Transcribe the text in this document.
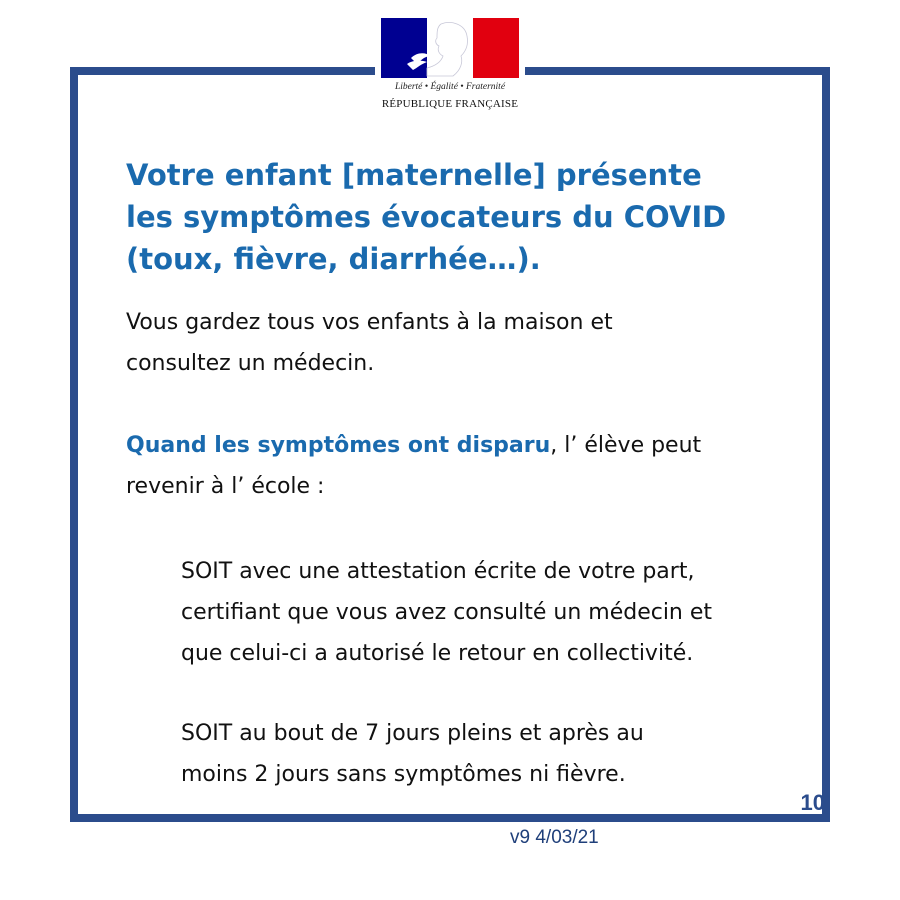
Liberté • Égalité • Fraternité
RÉPUBLIQUE FRANÇAISE
Votre enfant [maternelle] présente
les symptômes évocateurs du COVID
(toux, fièvre, diarrhée…).
Vous gardez tous vos enfants à la maison et
consultez un médecin.
Quand les symptômes ont disparu, l’ élève peut
revenir à l’ école :
SOIT avec une attestation écrite de votre part,
certifiant que vous avez consulté un médecin et
que celui-ci a autorisé le retour en collectivité.
SOIT au bout de 7 jours pleins et après au
moins 2 jours sans symptômes ni fièvre.
10
v9 4/03/21
